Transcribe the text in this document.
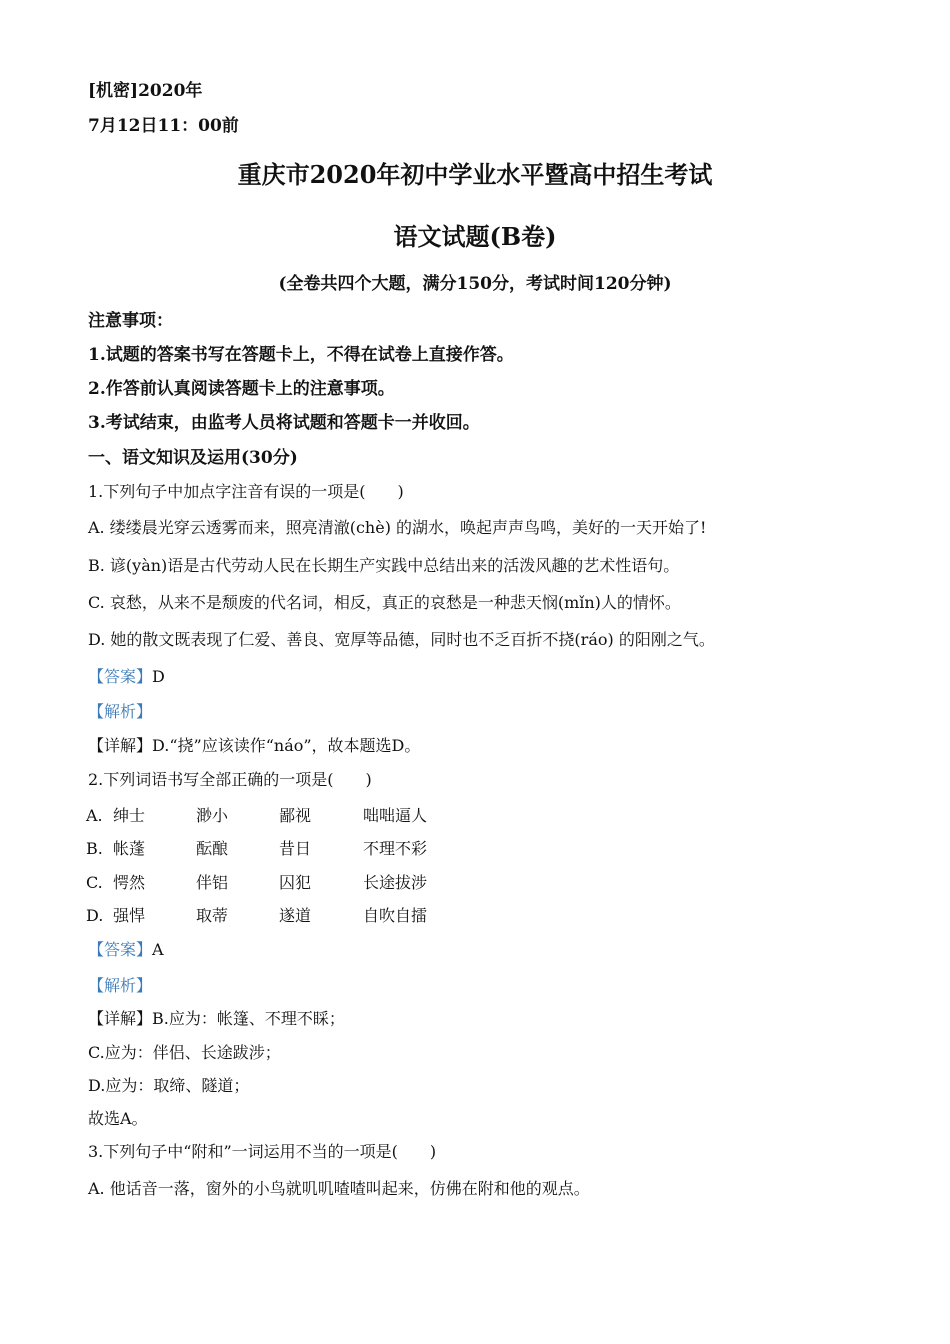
[机密]2020年
7月12日11：00前
重庆市2020年初中学业水平暨高中招生考试
语文试题(B卷)
(全卷共四个大题，满分150分，考试时间120分钟)
注意事项：
1.试题的答案书写在答题卡上，不得在试卷上直接作答。
2.作答前认真阅读答题卡上的注意事项。
3.考试结束，由监考人员将试题和答题卡一并收回。
一、语文知识及运用(30分)
1.下列句子中加点字注音有误的一项是(　　)
A. 缕缕晨光穿云透雾而来，照亮清澈(chè) 的湖水，唤起声声鸟鸣，美好的一天开始了!
B. 谚(yàn)语是古代劳动人民在长期生产实践中总结出来的活泼风趣的艺术性语句。
C. 哀愁，从来不是颓废的代名词，相反，真正的哀愁是一种悲天悯(mǐn)人的情怀。
D. 她的散文既表现了仁爱、善良、宽厚等品德，同时也不乏百折不挠(ráo) 的阳刚之气。
【答案】D
【解析】
【详解】D.“挠”应该读作“náo”，故本题选D。
2.下列词语书写全部正确的一项是(　　)
A. 绅士	渺小	鄙视	咄咄逼人
B. 帐蓬	酝酿	昔日	不理不彩
C. 愕然	伴铝	囚犯	长途拔涉
D. 强悍	取蒂	遂道	自吹自擂
【答案】A
【解析】
【详解】B.应为：帐篷、不理不睬；
C.应为：伴侣、长途跋涉；
D.应为：取缔、隧道；
故选A。
3.下列句子中“附和”一词运用不当的一项是(　　)
A. 他话音一落，窗外的小鸟就叽叽喳喳叫起来，仿佛在附和他的观点。
